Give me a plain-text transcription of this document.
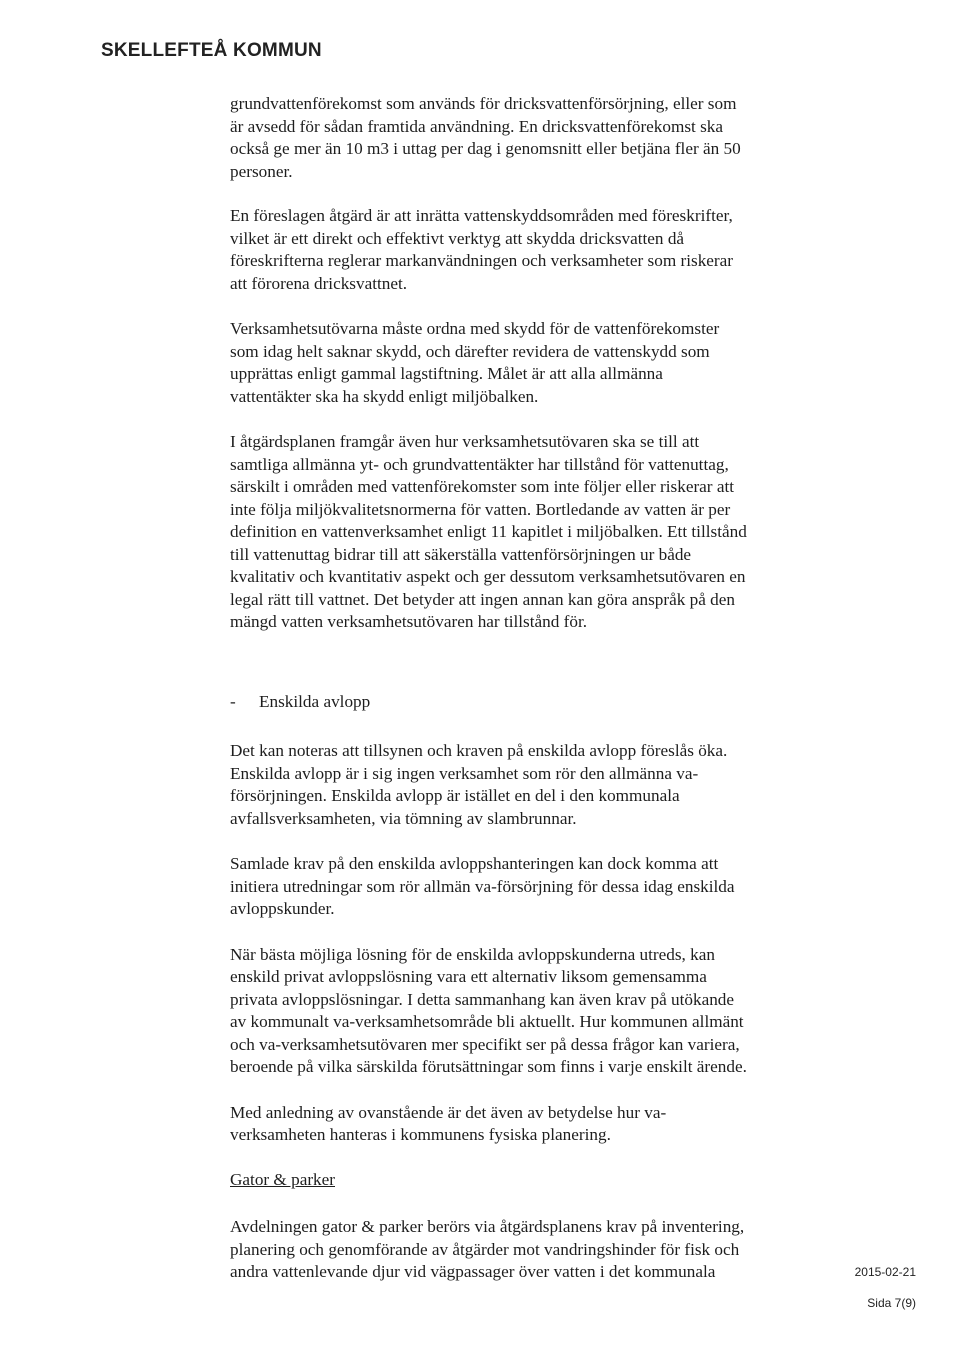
SKELLEFTEÅ KOMMUN

grundvattenförekomst som används för dricksvattenförsörjning, eller som
är avsedd för sådan framtida användning. En dricksvattenförekomst ska
också ge mer än 10 m3 i uttag per dag i genomsnitt eller betjäna fler än 50
personer.

En föreslagen åtgärd är att inrätta vattenskyddsområden med föreskrifter,
vilket är ett direkt och effektivt verktyg att skydda dricksvatten då
föreskrifterna reglerar markanvändningen och verksamheter som riskerar
att förorena dricksvattnet.

Verksamhetsutövarna måste ordna med skydd för de vattenförekomster
som idag helt saknar skydd, och därefter revidera de vattenskydd som
upprättas enligt gammal lagstiftning. Målet är att alla allmänna
vattentäkter ska ha skydd enligt miljöbalken.

I åtgärdsplanen framgår även hur verksamhetsutövaren ska se till att
samtliga allmänna yt- och grundvattentäkter har tillstånd för vattenuttag,
särskilt i områden med vattenförekomster som inte följer eller riskerar att
inte följa miljökvalitetsnormerna för vatten. Bortledande av vatten är per
definition en vattenverksamhet enligt 11 kapitlet i miljöbalken. Ett tillstånd
till vattenuttag bidrar till att säkerställa vattenförsörjningen ur både
kvalitativ och kvantitativ aspekt och ger dessutom verksamhetsutövaren en
legal rätt till vattnet. Det betyder att ingen annan kan göra anspråk på den
mängd vatten verksamhetsutövaren har tillstånd för.

-	Enskilda avlopp

Det kan noteras att tillsynen och kraven på enskilda avlopp föreslås öka.
Enskilda avlopp är i sig ingen verksamhet som rör den allmänna va-
försörjningen. Enskilda avlopp är istället en del i den kommunala
avfallsverksamheten, via tömning av slambrunnar.

Samlade krav på den enskilda avloppshanteringen kan dock komma att
initiera utredningar som rör allmän va-försörjning för dessa idag enskilda
avloppskunder.

När bästa möjliga lösning för de enskilda avloppskunderna utreds, kan
enskild privat avloppslösning vara ett alternativ liksom gemensamma
privata avloppslösningar. I detta sammanhang kan även krav på utökande
av kommunalt va-verksamhetsområde bli aktuellt. Hur kommunen allmänt
och va-verksamhetsutövaren mer specifikt ser på dessa frågor kan variera,
beroende på vilka särskilda förutsättningar som finns i varje enskilt ärende.

Med anledning av ovanstående är det även av betydelse hur va-
verksamheten hanteras i kommunens fysiska planering.

Gator & parker

Avdelningen gator & parker berörs via åtgärdsplanens krav på inventering,
planering och genomförande av åtgärder mot vandringshinder för fisk och
andra vattenlevande djur vid vägpassager över vatten i det kommunala	2015-02-21
Sida 7(9)
